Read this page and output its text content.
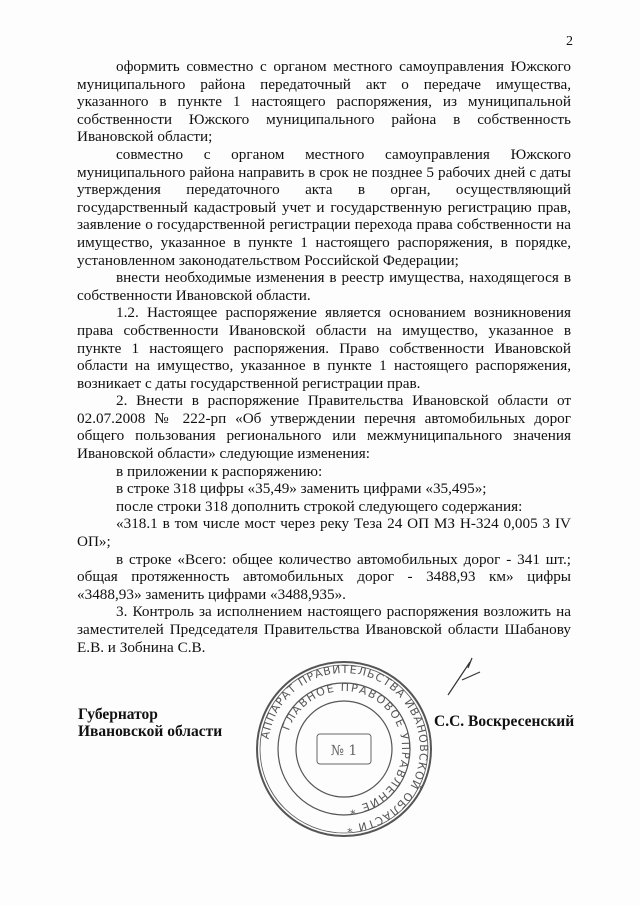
2

оформить совместно с органом местного самоуправления Южского муниципального района передаточный акт о передаче имущества, указанного в пункте 1 настоящего распоряжения, из муниципальной собственности Южского муниципального района в собственность Ивановской области;

совместно с органом местного самоуправления Южского муниципального района направить в срок не позднее 5 рабочих дней с даты утверждения передаточного акта в орган, осуществляющий государственный кадастровый учет и государственную регистрацию прав, заявление о государственной регистрации перехода права собственности на имущество, указанное в пункте 1 настоящего распоряжения, в порядке, установленном законодательством Российской Федерации;

внести необходимые изменения в реестр имущества, находящегося в собственности Ивановской области.

1.2. Настоящее распоряжение является основанием возникновения права собственности Ивановской области на имущество, указанное в пункте 1 настоящего распоряжения. Право собственности Ивановской области на имущество, указанное в пункте 1 настоящего распоряжения, возникает с даты государственной регистрации прав.

2. Внести в распоряжение Правительства Ивановской области от 02.07.2008 № 222-рп «Об утверждении перечня автомобильных дорог общего пользования регионального или межмуниципального значения Ивановской области» следующие изменения:

в приложении к распоряжению:

в строке 318 цифры «35,49» заменить цифрами «35,495»;

после строки 318 дополнить строкой следующего содержания:

«318.1 в том числе мост через реку Теза 24 ОП МЗ Н-324 0,005 3 IV ОП»;

в строке «Всего: общее количество автомобильных дорог - 341 шт.; общая протяженность автомобильных дорог - 3488,93 км» цифры «3488,93» заменить цифрами «3488,935».

3. Контроль за исполнением настоящего распоряжения возложить на заместителей Председателя Правительства Ивановской области Шабанову Е.В. и Зобнина С.В.

Губернатор
Ивановской области
С.С. Воскресенский
АППАРАТ ПРАВИТЕЛЬСТВА ИВАНОВСКОЙ ОБЛАСТИ *
ГЛАВНОЕ ПРАВОВОЕ УПРАВЛЕНИЕ *
№ 1
